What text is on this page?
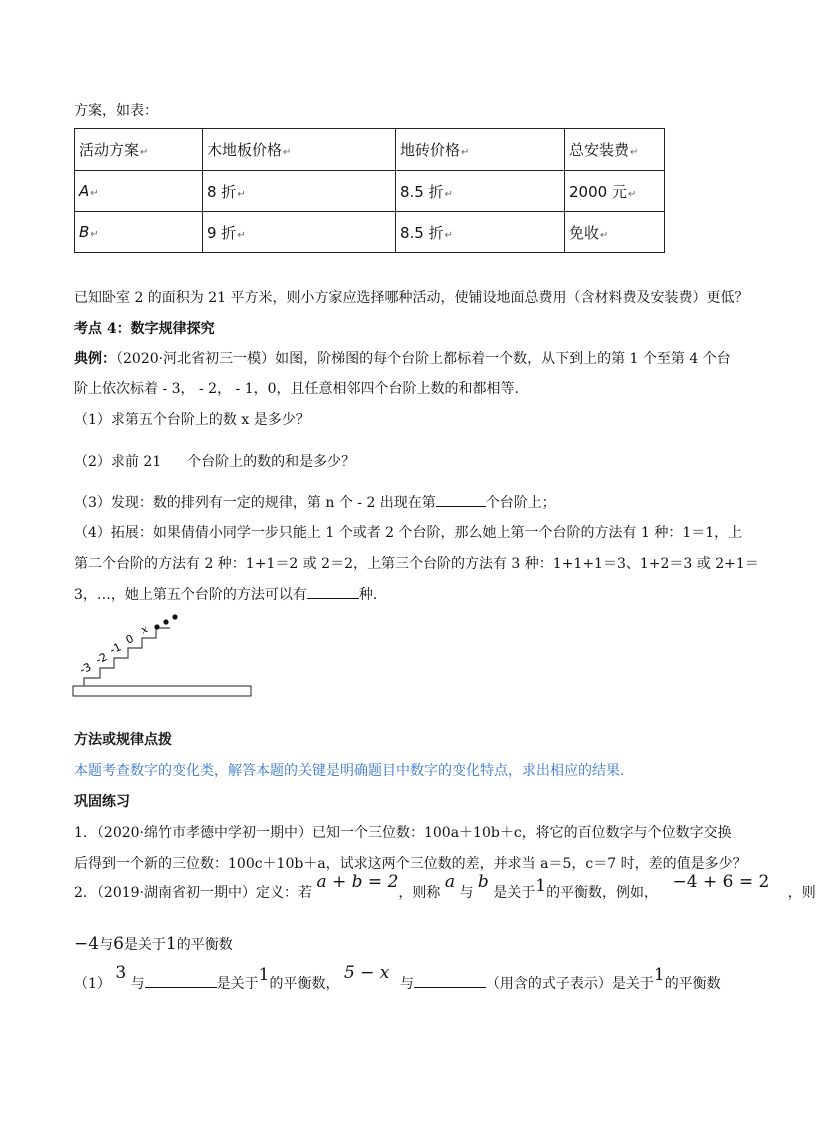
方案，如表：
活动方案↵	木地板价格↵	地砖价格↵	总安装费↵
A↵	8 折↵	8.5 折↵	2000 元↵
B↵	9 折↵	8.5 折↵	免收↵
已知卧室 2 的面积为 21 平方米，则小方家应选择哪种活动，使铺设地面总费用（含材料费及安装费）更低？
考点 4：数字规律探究
典例：（2020·河北省初三一模）如图，阶梯图的每个台阶上都标着一个数，从下到上的第 1 个至第 4 个台
阶上依次标着 - 3， - 2， - 1，0，且任意相邻四个台阶上数的和都相等.
（1）求第五个台阶上的数 x 是多少？
（2）求前 21 个台阶上的数的和是多少？
（3）发现：数的排列有一定的规律，第 n 个 - 2 出现在第	个台阶上；
（4）拓展：如果倩倩小同学一步只能上 1 个或者 2 个台阶，那么她上第一个台阶的方法有 1 种：1＝1，上
第二个台阶的方法有 2 种：1+1＝2 或 2＝2，上第三个台阶的方法有 3 种：1+1+1＝3、1+2＝3 或 2+1＝
3，…，她上第五个台阶的方法可以有	种.
-3
-2
-1
0
x
方法或规律点拨
本题考查数字的变化类，解答本题的关键是明确题目中数字的变化特点，求出相应的结果.
巩固练习
1．（2020·绵竹市孝德中学初一期中）已知一个三位数：100a＋10b＋c，将它的百位数字与个位数字交换
后得到一个新的三位数：100c＋10b＋a，试求这两个三位数的差，并求当 a＝5，c＝7 时，差的值是多少？
2．（2019·湖南省初一期中）定义：若 a + b = 2，则称 a 与 b 是关于1的平衡数，例如， −4 + 6 = 2 ，则
−4与6是关于1的平衡数
（1） 3 与	是关于1的平衡数， 5 − x 与	（用含的式子表示）是关于1的平衡数
